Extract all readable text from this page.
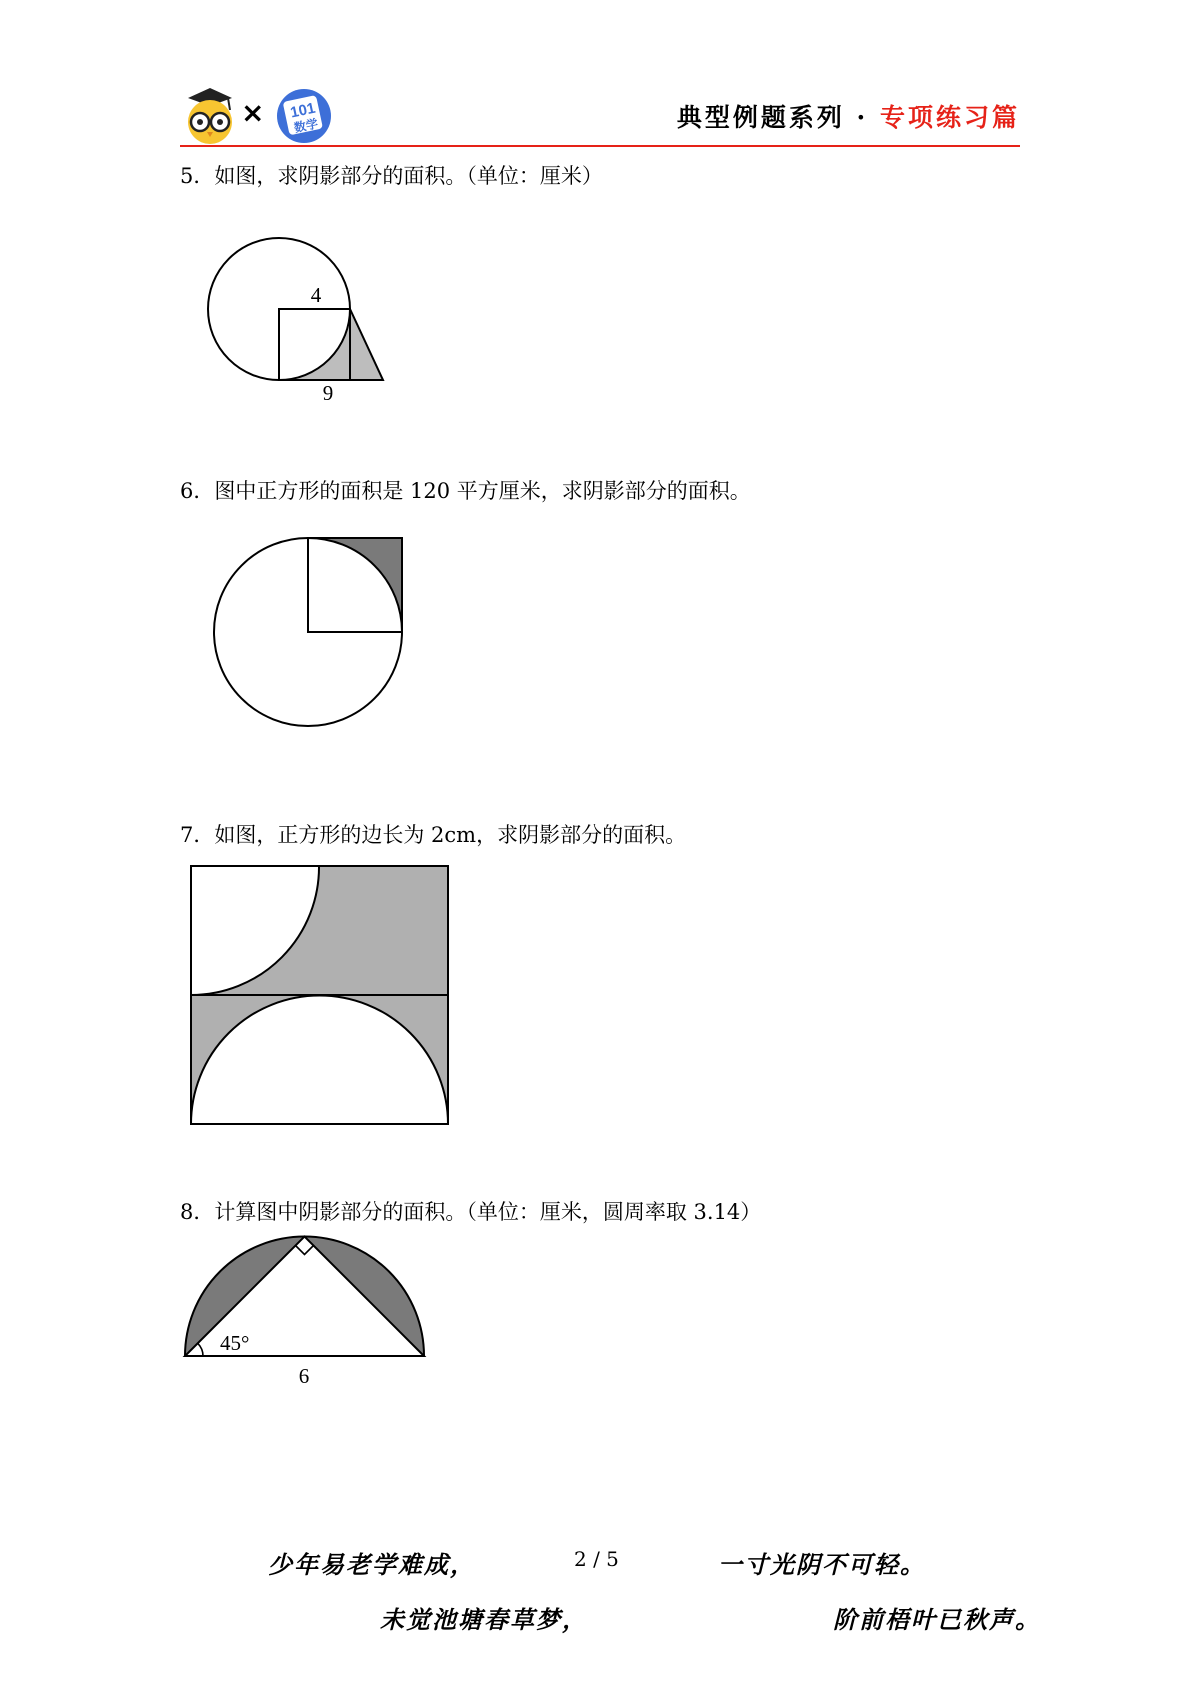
× 101
数学	典型例题系列 · 专项练习篇
5．如图，求阴影部分的面积。（单位：厘米）
4
9
6．图中正方形的面积是 120 平方厘米，求阴影部分的面积。
7．如图，正方形的边长为 2cm，求阴影部分的面积。
8．计算图中阴影部分的面积。（单位：厘米，圆周率取 3.14）
45°
6
少年易老学难成，	2 / 5	一寸光阴不可轻。
未觉池塘春草梦，	阶前梧叶已秋声。
